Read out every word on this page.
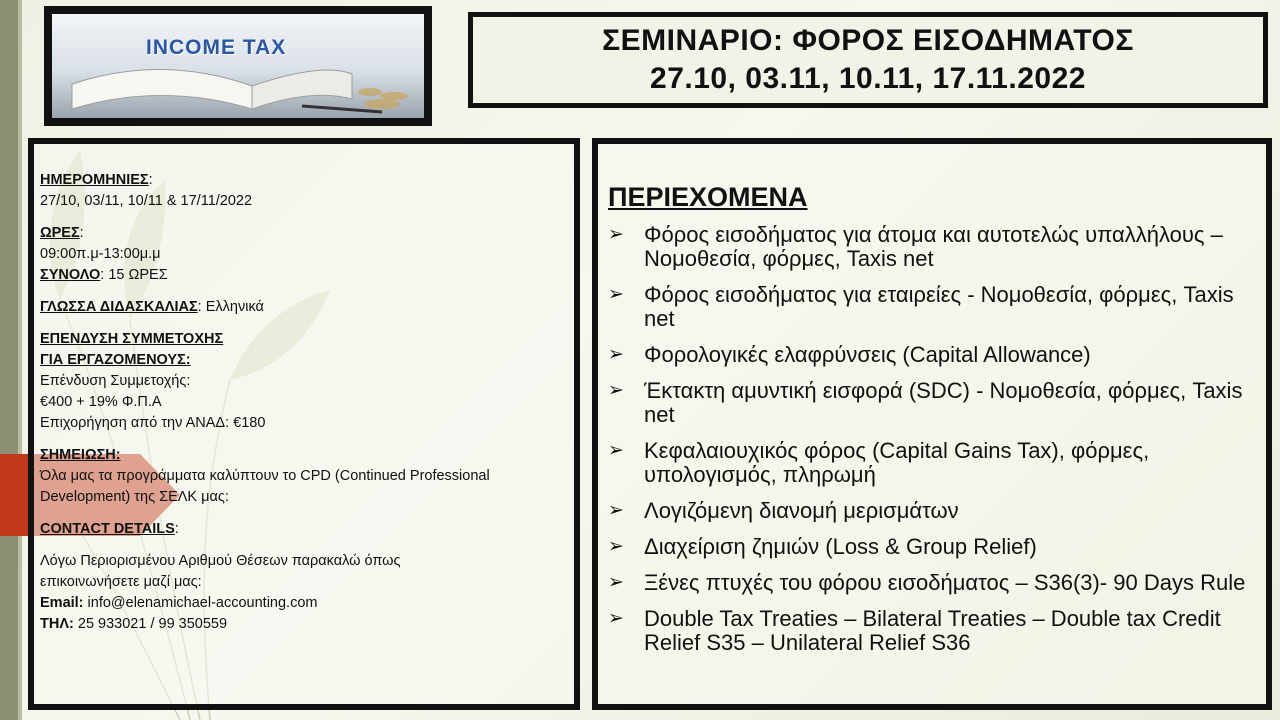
INCOME TAX	ΣΕΜΙΝΑΡΙΟ: ΦΟΡΟΣ ΕΙΣΟΔΗΜΑΤΟΣ
27.10, 03.11, 10.11, 17.11.2022
ΗΜΕΡΟΜΗΝΙΕΣ:
27/10, 03/11, 10/11 & 17/11/2022
ΩΡΕΣ:
09:00π.μ-13:00μ.μ
ΣΥΝΟΛΟ: 15 ΩΡΕΣ
ΓΛΩΣΣΑ ΔΙΔΑΣΚΑΛΙΑΣ: Ελληνικά
ΕΠΕΝΔΥΣΗ ΣΥΜΜΕΤΟΧΗΣ
ΓΙΑ ΕΡΓΑΖΟΜΕΝΟΥΣ:
Επένδυση Συμμετοχής:
€400 + 19% Φ.Π.Α
Επιχορήγηση από την ΑΝΑΔ: €180
ΣΗΜΕΙΩΣΗ:
Όλα μας τα προγράμματα καλύπτουν το CPD (Continued Professional Development) της ΣΕΛΚ μας:
CONTACT DETAILS:
Λόγω Περιορισμένου Αριθμού Θέσεων παρακαλώ όπως επικοινωνήσετε μαζί μας:
Email: info@elenamichael-accounting.com
ΤΗΛ: 25 933021 / 99 350559
ΠΕΡΙΕΧΟΜΕΝΑ
➢ Φόρος εισοδήματος για άτομα και αυτοτελώς υπαλλήλους – Νομοθεσία, φόρμες, Taxis net
➢ Φόρος εισοδήματος για εταιρείες - Νομοθεσία, φόρμες, Taxis net
➢ Φορολογικές ελαφρύνσεις (Capital Allowance)
➢ Έκτακτη αμυντική εισφορά (SDC) - Νομοθεσία, φόρμες, Taxis net
➢ Κεφαλαιουχικός φόρος (Capital Gains Tax), φόρμες, υπολογισμός, πληρωμή
➢ Λογιζόμενη διανομή μερισμάτων
➢ Διαχείριση ζημιών (Loss & Group Relief)
➢ Ξένες πτυχές του φόρου εισοδήματος – S36(3)- 90 Days Rule
➢ Double Tax Treaties – Bilateral Treaties – Double tax Credit Relief S35 – Unilateral Relief S36
